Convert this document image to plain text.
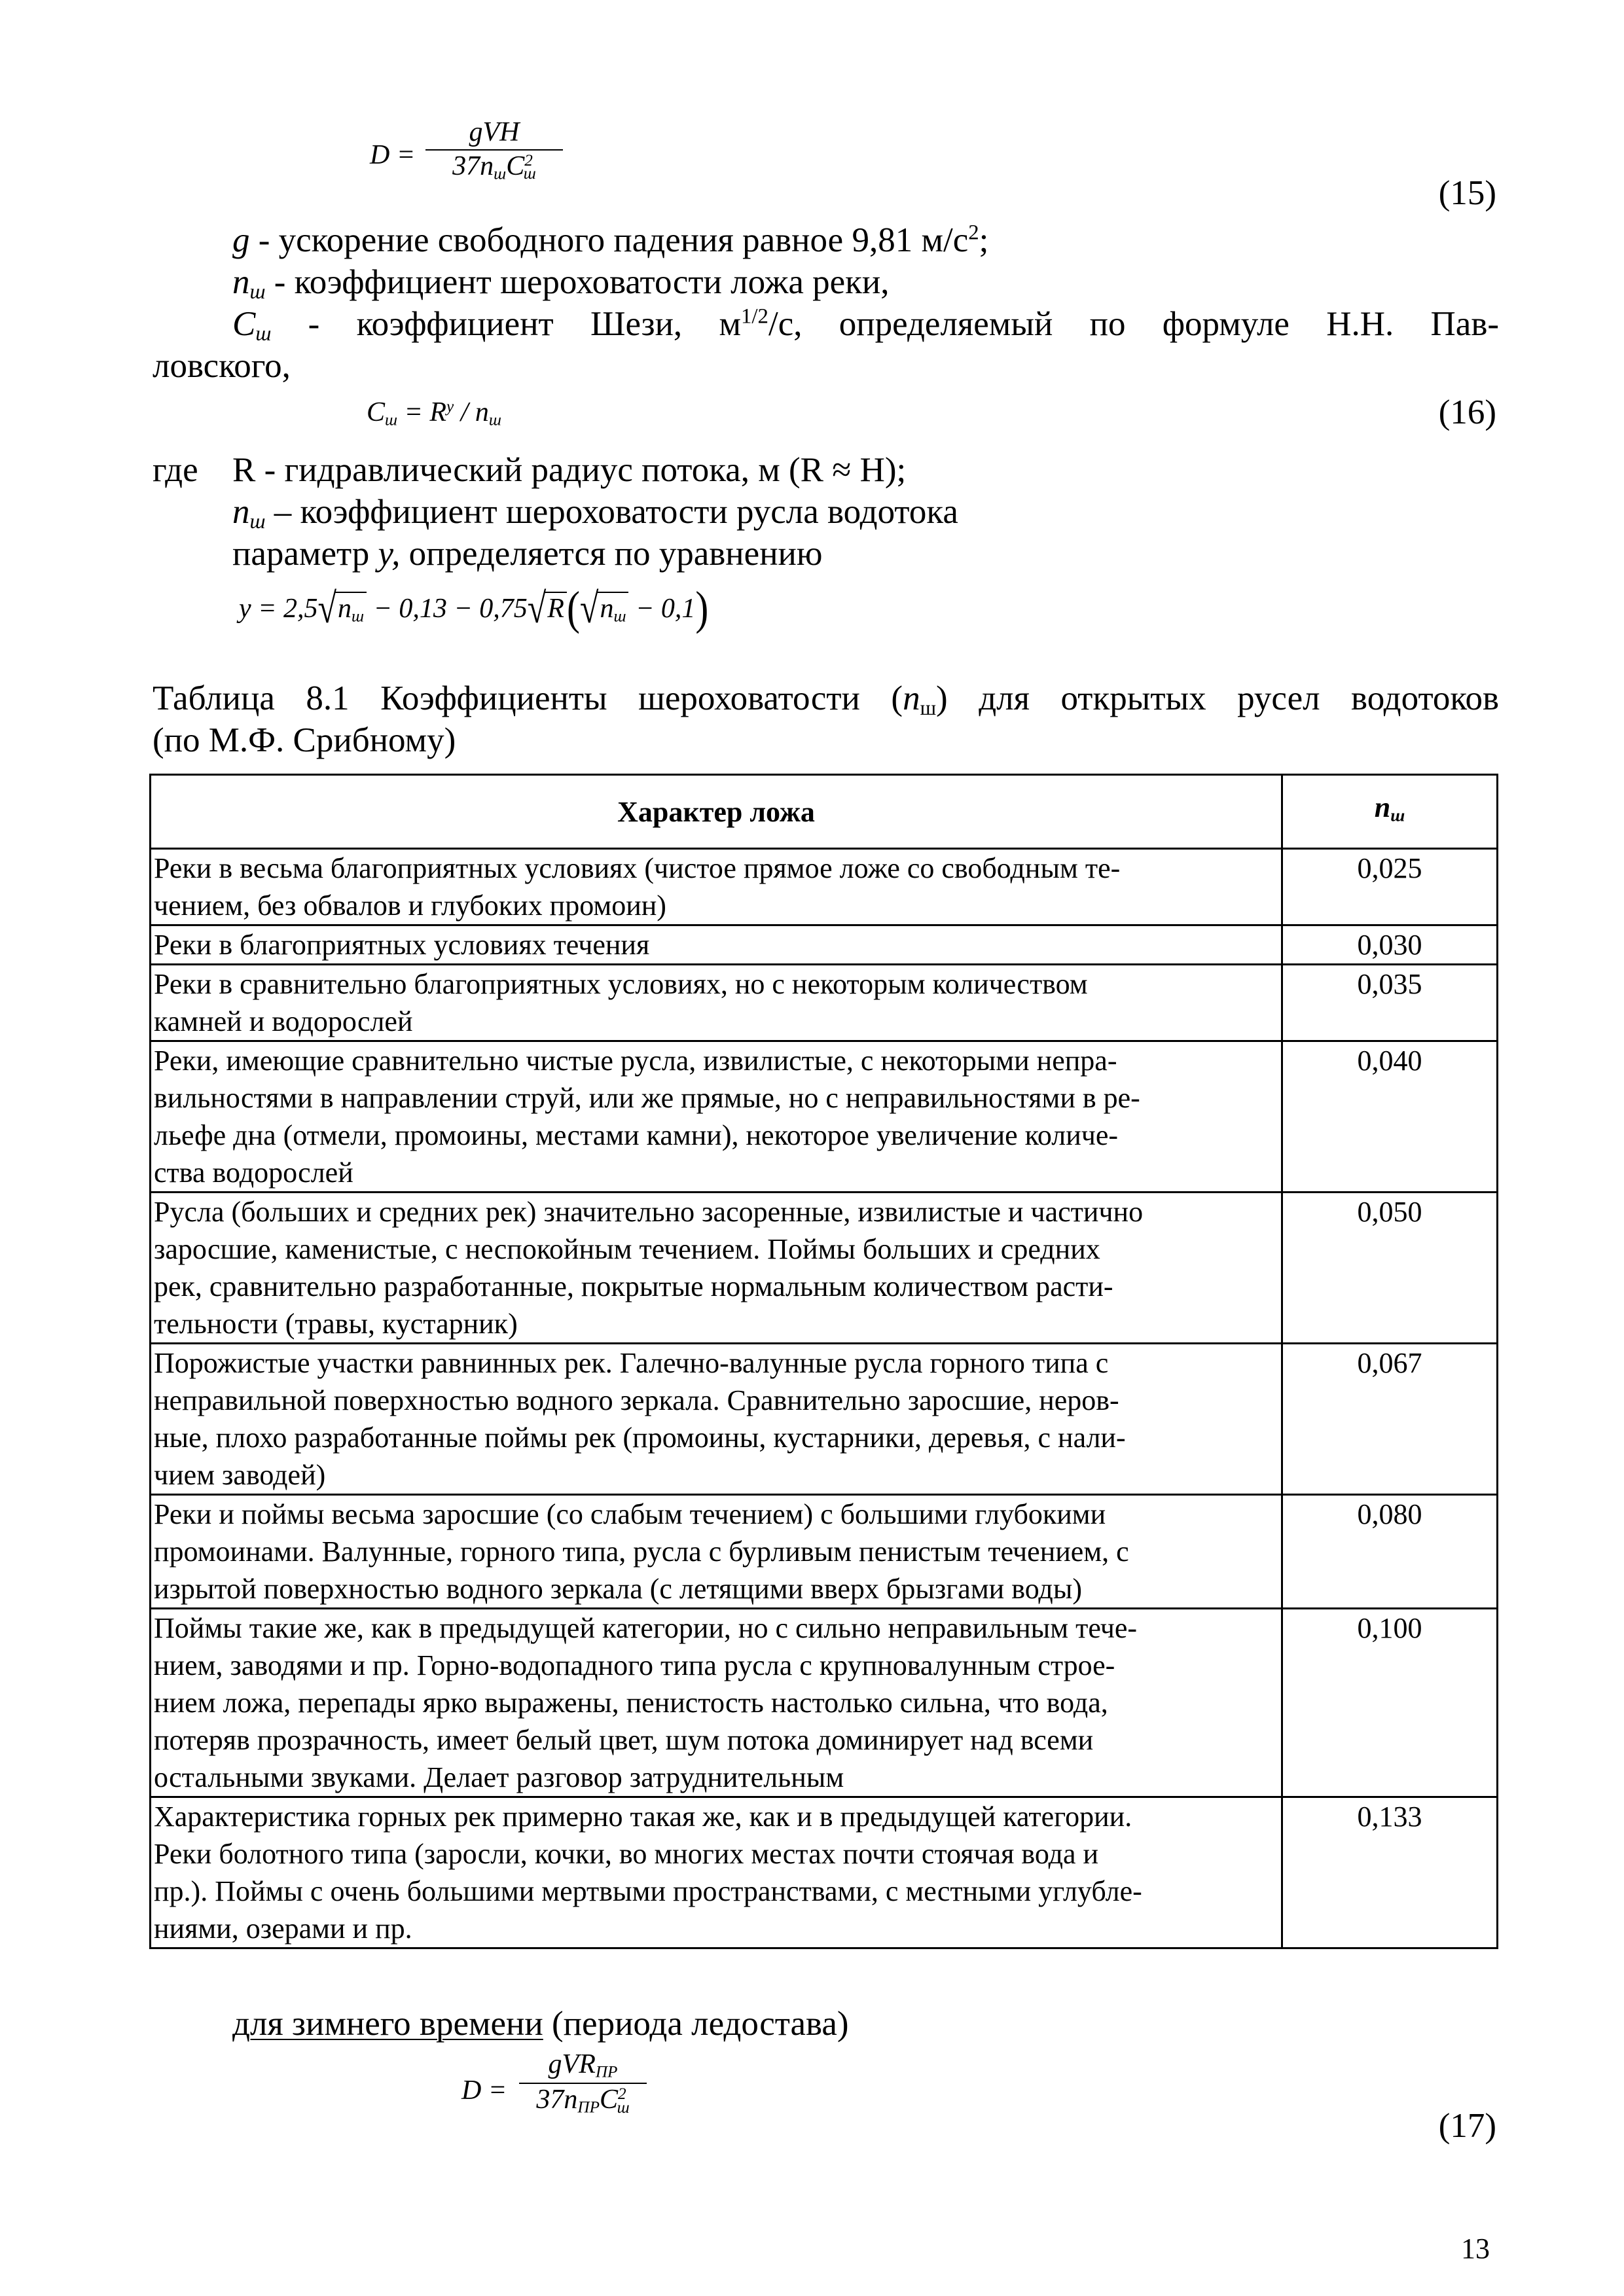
D =
gVH
$37n_шC^2_ш$
(15)
g - ускорение свободного падения равное 9,81 $м/с^2$;
$n_ш$ - коэффициент шероховатости ложа реки,
$C_ш$ - коэффициент Шези, $м^{1/2}/с$, определяемый по формуле Н.Н. Пав-
ловского,
$C_ш = R^y / n_ш$	(16)
где R - гидравлический радиус потока, м (R ≈ H);
$n_ш$ – коэффициент шероховатости русла водотока
параметр y, определяется по уравнению
$y = 2,5√n_ш - 0,13 - 0,75√R(√n_ш - 0,1)$
Таблица 8.1 Коэффициенты шероховатости $(n_ш)$ для открытых русел водотоков
(по М.Ф. Срибному)
Характер ложа	$n_ш$

Реки в весьма благоприятных условиях (чистое прямое ложе со свободным те-
чением, без обвалов и глубоких промоин)	0,025

Реки в благоприятных условиях течения	0,030

Реки в сравнительно благоприятных условиях, но с некоторым количеством
камней и водорослей	0,035

Реки, имеющие сравнительно чистые русла, извилистые, с некоторыми непра-
вильностями в направлении струй, или же прямые, но с неправильностями в ре-
льефе дна (отмели, промоины, местами камни), некоторое увеличение количе-
ства водорослей	0,040

Русла (больших и средних рек) значительно засоренные, извилистые и частично
заросшие, каменистые, с неспокойным течением. Поймы больших и средних
рек, сравнительно разработанные, покрытые нормальным количеством расти-
тельности (травы, кустарник)	0,050

Порожистые участки равнинных рек. Галечно-валунные русла горного типа с
неправильной поверхностью водного зеркала. Сравнительно заросшие, неров-
ные, плохо разработанные поймы рек (промоины, кустарники, деревья, с нали-
чием заводей)	0,067

Реки и поймы весьма заросшие (со слабым течением) с большими глубокими
промоинами. Валунные, горного типа, русла с бурливым пенистым течением, с
изрытой поверхностью водного зеркала (с летящими вверх брызгами воды)	0,080

Поймы такие же, как в предыдущей категории, но с сильно неправильным тече-
нием, заводями и пр. Горно-водопадного типа русла с крупновалунным строе-
нием ложа, перепады ярко выражены, пенистость настолько сильна, что вода,
потеряв прозрачность, имеет белый цвет, шум потока доминирует над всеми
остальными звуками. Делает разговор затруднительным	0,100

Характеристика горных рек примерно такая же, как и в предыдущей категории.
Реки болотного типа (заросли, кочки, во многих местах почти стоячая вода и
пр.). Поймы с очень большими мертвыми пространствами, с местными углубле-
ниями, озерами и пр.	0,133
для зимнего времени (периода ледостава)
D =
gVR$_{ПР}$
$37n_{ПР}C^2_ш$	(17)
13
